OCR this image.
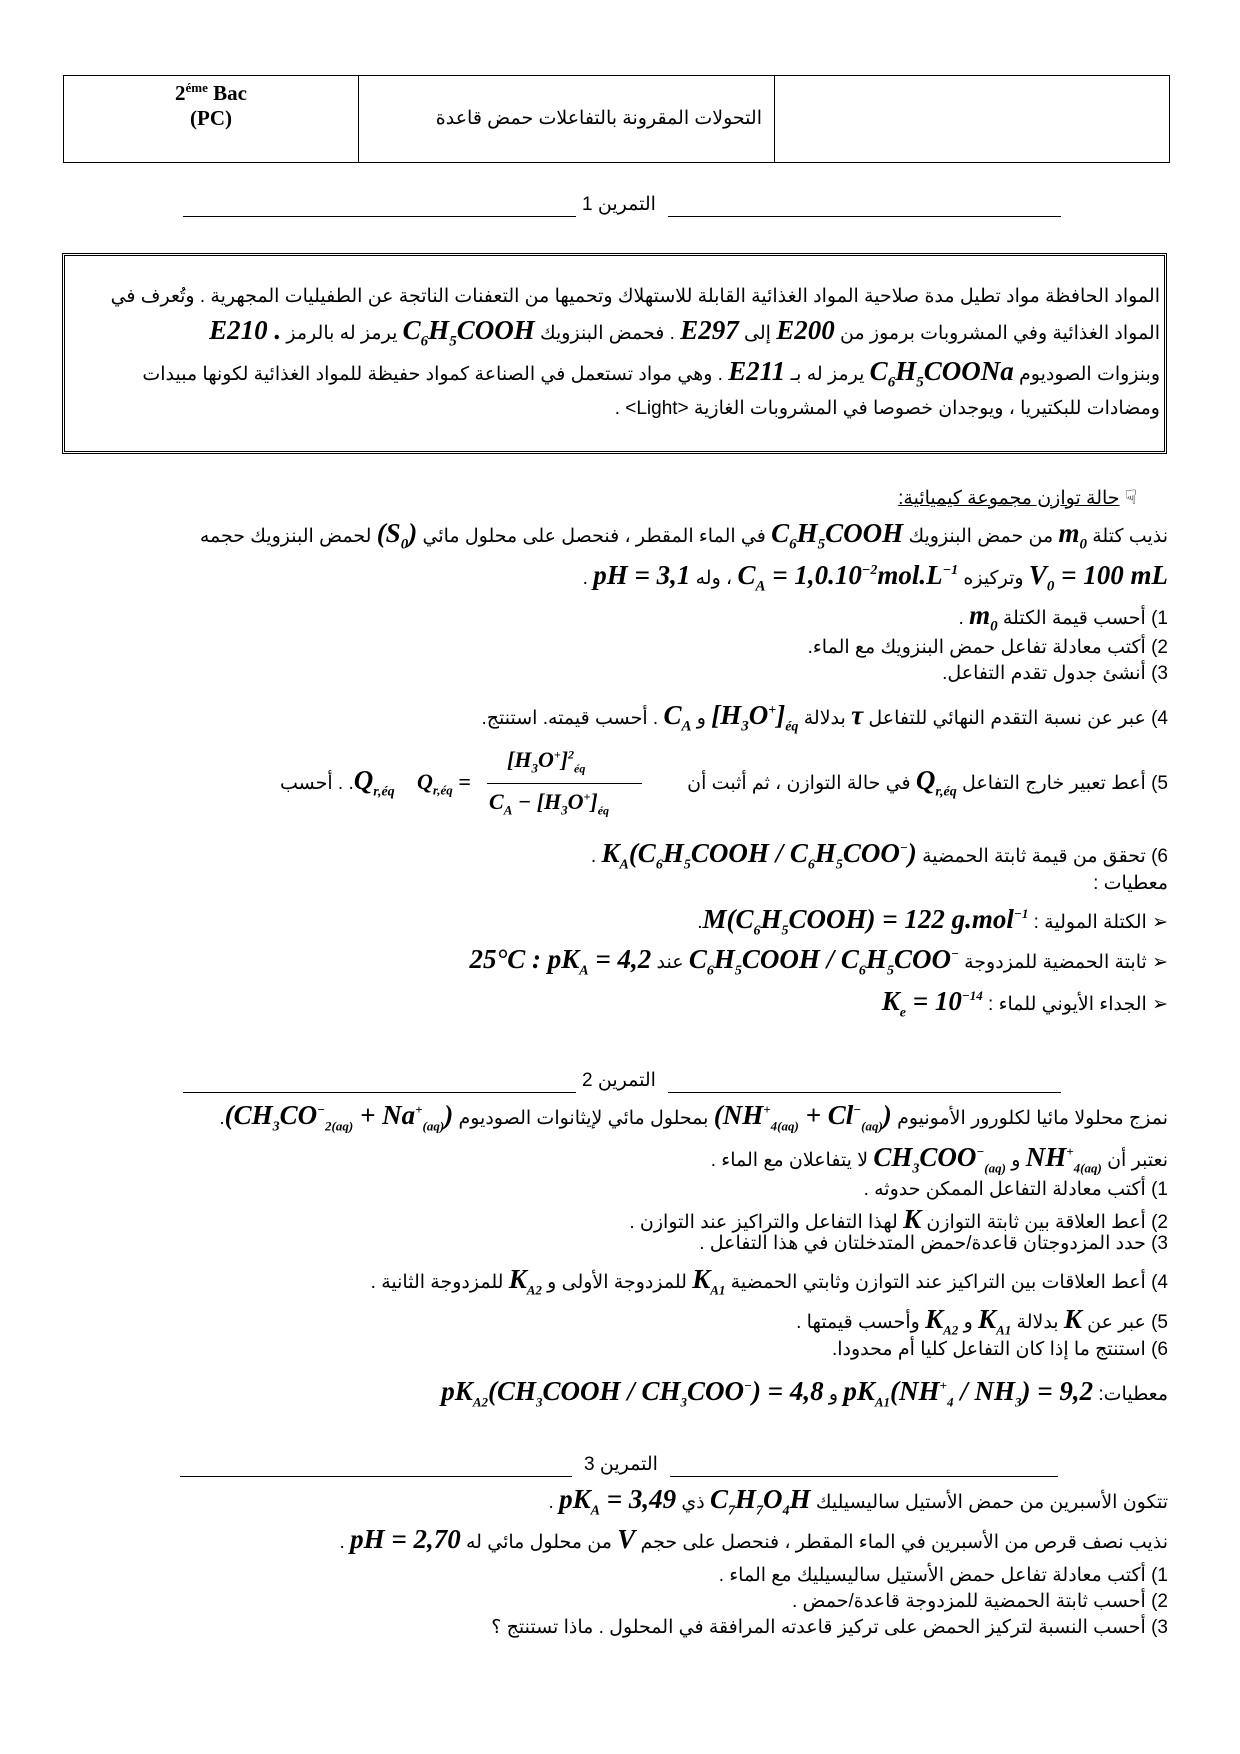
$2^{éme}$ Bac
(PC)	التحولات المقرونة بالتفاعلات حمض قاعدة
التمرين 1
المواد الحافظة مواد تطيل مدة صلاحية المواد الغذائية القابلة للاستهلاك وتحميها من التعفنات الناتجة عن الطفيليات المجهرية . وتُعرف في
المواد الغذائية وفي المشروبات برموز من E200 إلى E297 . فحمض البنزويك $C_6H_5COOH$ يرمز له بالرمز E210 .
وبنزوات الصوديوم $C_6H_5COONa$ يرمز له بـ E211 . وهي مواد تستعمل في الصناعة كمواد حفيظة للمواد الغذائية لكونها مبيدات
ومضادات للبكتيريا ، ويوجدان خصوصا في المشروبات الغازية <Light> .
☟ حالة توازن مجموعة كيميائية:
نذيب كتلة $m_0$ من حمض البنزويك $C_6H_5COOH$ في الماء المقطر ، فنحصل على محلول مائي $(S_0)$ لحمض البنزويك حجمه
$V_0 = 100$ mL وتركيزه $C_A = 1,0.10^{-2}mol.L^{-1}$ ، وله pH = 3,1 .
1) أحسب قيمة الكتلة $m_0$ .
2) أكتب معادلة تفاعل حمض البنزويك مع الماء.
3) أنشئ جدول تقدم التفاعل.
4) عبر عن نسبة التقدم النهائي للتفاعل τ بدلالة $[H_3O^+]_{éq}$ و $C_A$ . أحسب قيمته. استنتج.
5) أعط تعبير خارج التفاعل $Q_{r,éq}$ في حالة التوازن ، ثم أثبت أن
$Q_{r,éq}$ =
$[H_3O^+]^2_{éq}$
$C_A - [H_3O^+]_{éq}$
$Q_{r,éq}$. . أحسب
6) تحقق من قيمة ثابتة الحمضية $K_A(C_6H_5COOH / C_6H_5COO^-)$ .
معطيات :
➢ الكتلة المولية : $M(C_6H_5COOH) = 122$ g.mol$^{-1}$.
➢ ثابتة الحمضية للمزدوجة $C_6H_5COOH / C_6H_5COO^-$ عند 25°C : $pK_A = 4,2$
➢ الجداء الأيوني للماء : $K_e = 10^{-14}$
التمرين 2
نمزج محلولا مائيا لكلورور الأمونيوم $(NH^+_{4(aq)} + Cl^-_{(aq)})$ بمحلول مائي لإيثانوات الصوديوم $(CH_3CO^-_{2(aq)} + Na^+_{(aq)})$.
نعتبر أن $NH^+_{4(aq)}$ و $CH_3COO^-_{(aq)}$ لا يتفاعلان مع الماء .
1) أكتب معادلة التفاعل الممكن حدوثه .
2) أعط العلاقة بين ثابتة التوازن K لهذا التفاعل والتراكيز عند التوازن .
3) حدد المزدوجتان قاعدة/حمض المتدخلتان في هذا التفاعل .
4) أعط العلاقات بين التراكيز عند التوازن وثابتي الحمضية $K_{A1}$ للمزدوجة الأولى و $K_{A2}$ للمزدوجة الثانية .
5) عبر عن K بدلالة $K_{A1}$ و $K_{A2}$ وأحسب قيمتها .
6) استنتج ما إذا كان التفاعل كليا أم محدودا.
معطيات: $pK_{A1}(NH^+_4 / NH_3) = 9,2$ و $pK_{A2}(CH_3COOH / CH_3COO^-) = 4,8$
التمرين 3
تتكون الأسبرين من حمض الأستيل ساليسيليك $C_7H_7O_4H$ ذي $pK_A = 3,49$ .
نذيب نصف قرص من الأسبرين في الماء المقطر ، فنحصل على حجم V من محلول مائي له pH = 2,70 .
1) أكتب معادلة تفاعل حمض الأستيل ساليسيليك مع الماء .
2) أحسب ثابتة الحمضية للمزدوجة قاعدة/حمض .
3) أحسب النسبة لتركيز الحمض على تركيز قاعدته المرافقة في المحلول . ماذا تستنتج ؟
